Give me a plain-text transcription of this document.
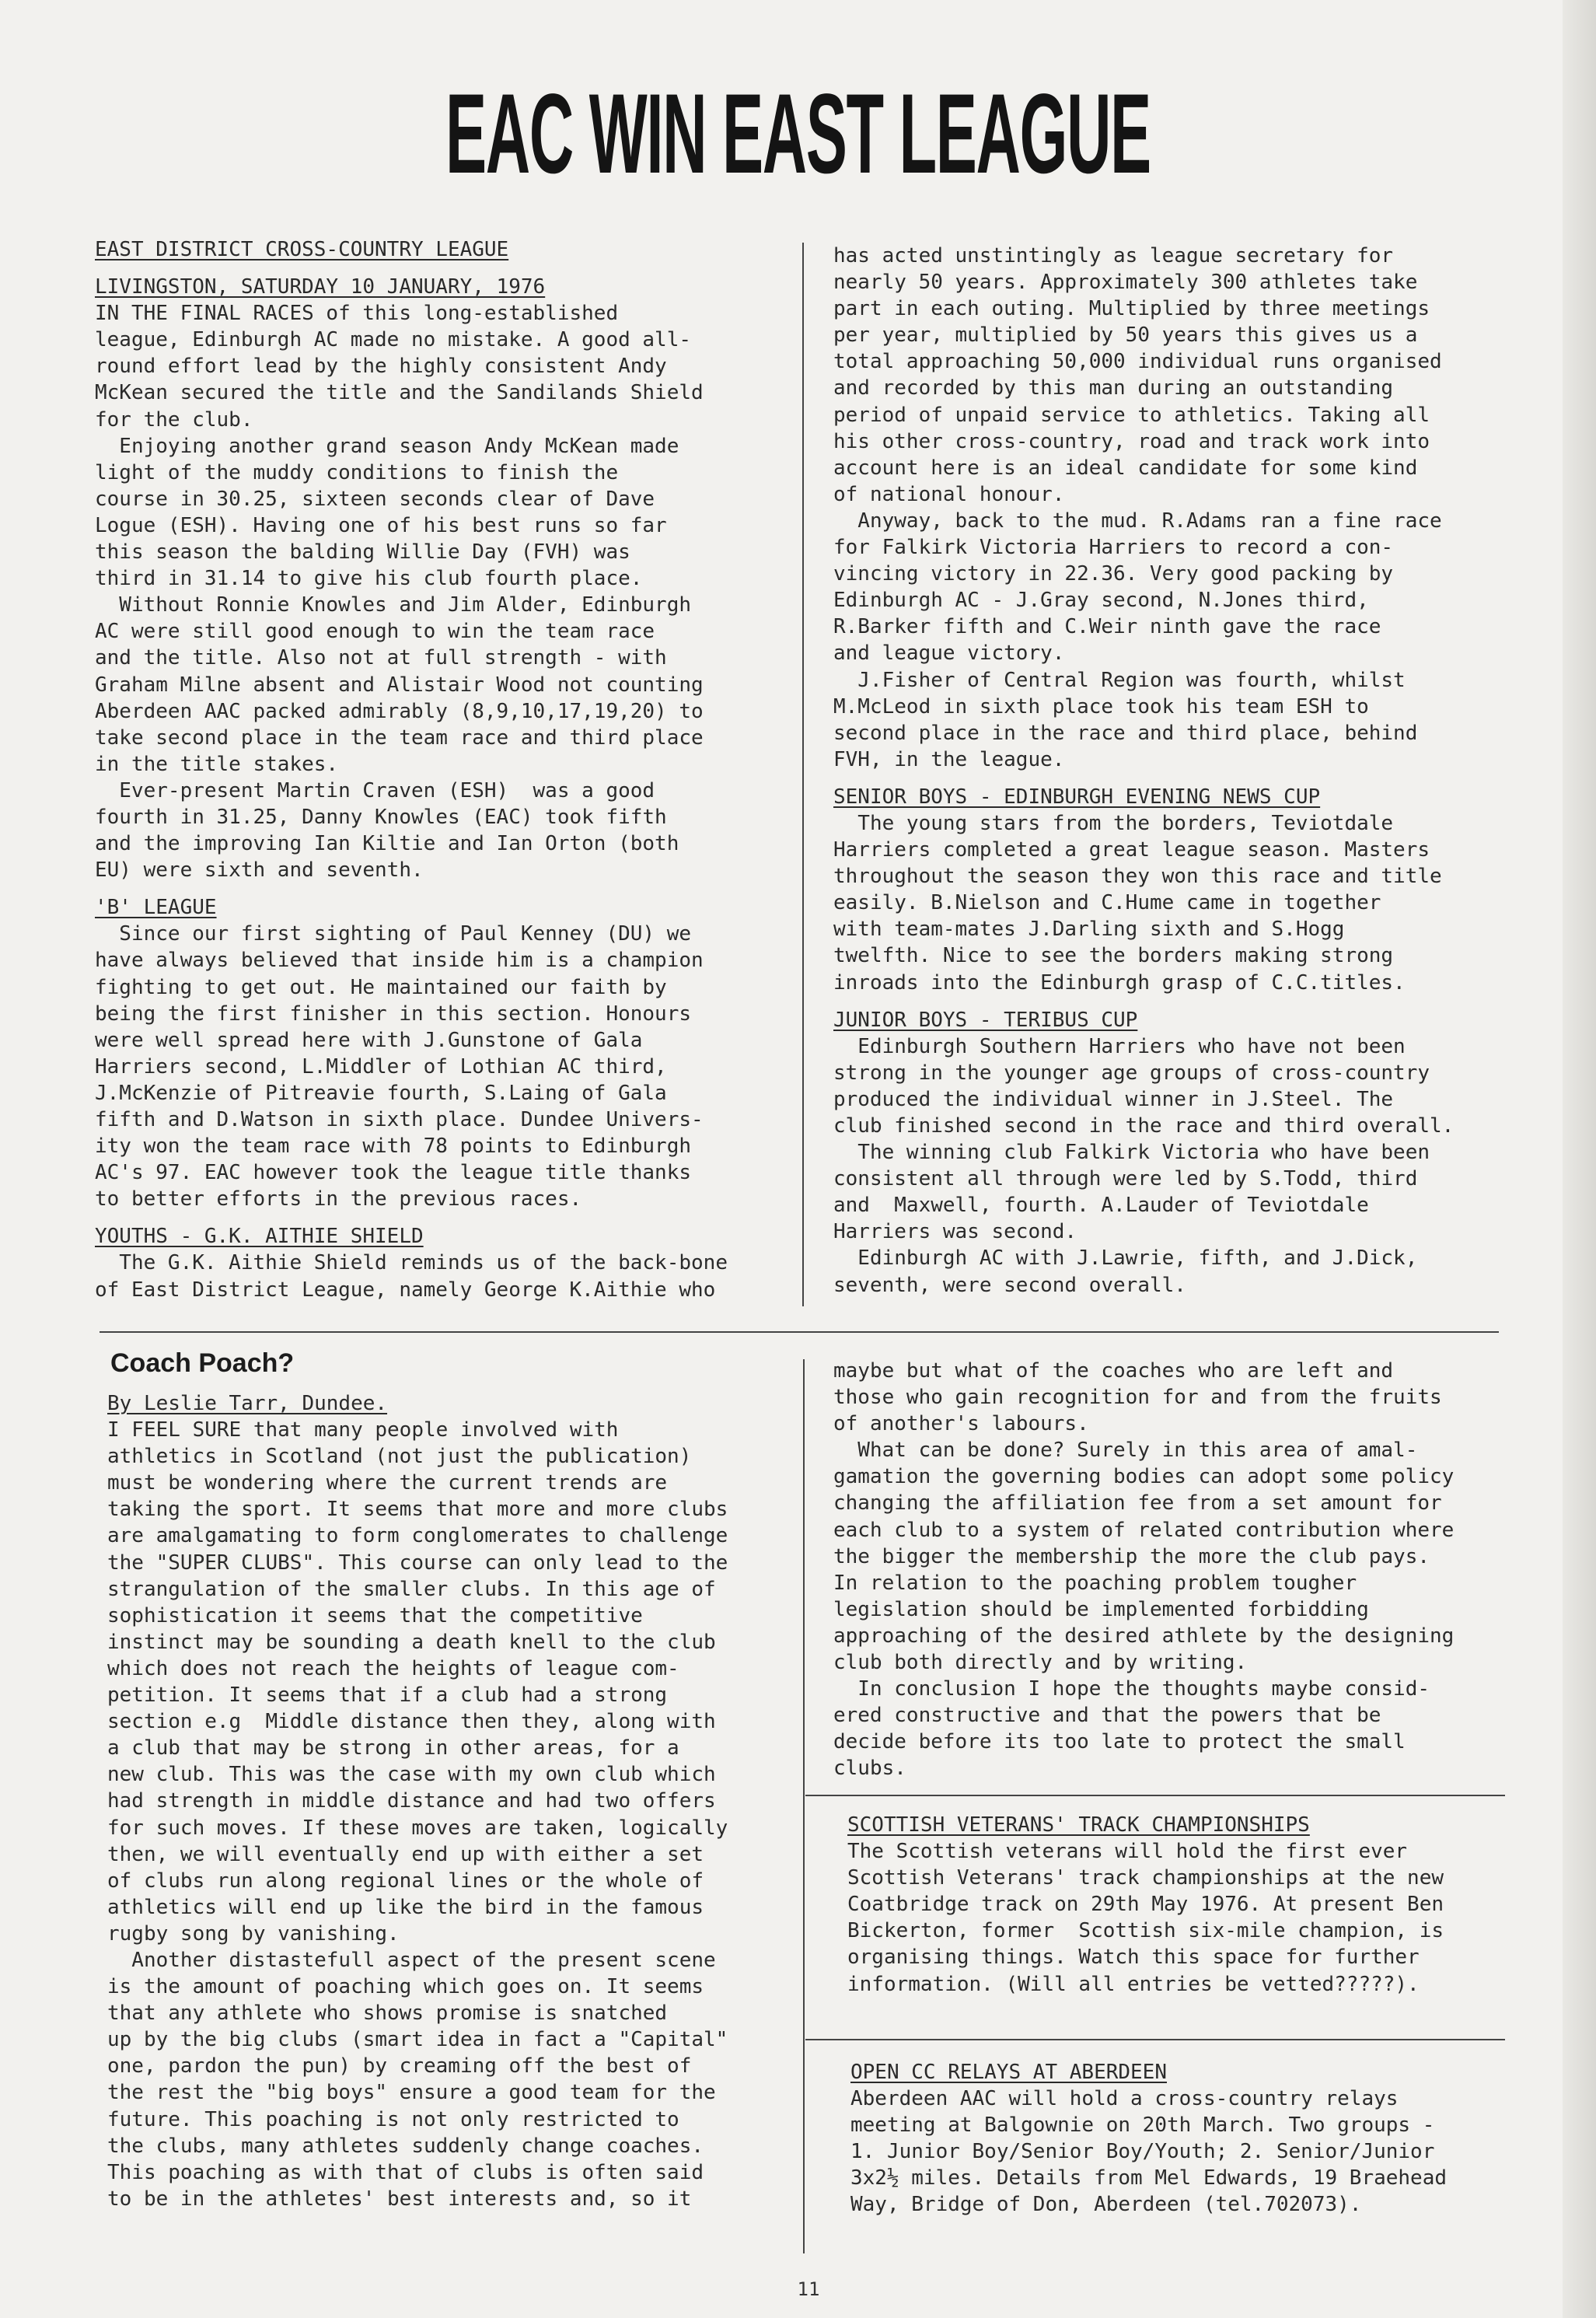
EAC WIN EAST LEAGUE
EAST DISTRICT CROSS-COUNTRY LEAGUE
LIVINGSTON, SATURDAY 10 JANUARY, 1976
IN THE FINAL RACES of this long-established
league, Edinburgh AC made no mistake. A good all-
round effort lead by the highly consistent Andy
McKean secured the title and the Sandilands Shield
for the club.
Enjoying another grand season Andy McKean made
light of the muddy conditions to finish the
course in 30.25, sixteen seconds clear of Dave
Logue (ESH). Having one of his best runs so far
this season the balding Willie Day (FVH) was
third in 31.14 to give his club fourth place.
Without Ronnie Knowles and Jim Alder, Edinburgh
AC were still good enough to win the team race
and the title. Also not at full strength - with
Graham Milne absent and Alistair Wood not counting
Aberdeen AAC packed admirably (8,9,10,17,19,20) to
take second place in the team race and third place
in the title stakes.
Ever-present Martin Craven (ESH)  was a good
fourth in 31.25, Danny Knowles (EAC) took fifth
and the improving Ian Kiltie and Ian Orton (both
EU) were sixth and seventh.
'B' LEAGUE
Since our first sighting of Paul Kenney (DU) we
have always believed that inside him is a champion
fighting to get out. He maintained our faith by
being the first finisher in this section. Honours
were well spread here with J.Gunstone of Gala
Harriers second, L.Middler of Lothian AC third,
J.McKenzie of Pitreavie fourth, S.Laing of Gala
fifth and D.Watson in sixth place. Dundee Univers-
ity won the team race with 78 points to Edinburgh
AC's 97. EAC however took the league title thanks
to better efforts in the previous races.
YOUTHS - G.K. AITHIE SHIELD
The G.K. Aithie Shield reminds us of the back-bone
of East District League, namely George K.Aithie who
has acted unstintingly as league secretary for
nearly 50 years. Approximately 300 athletes take
part in each outing. Multiplied by three meetings
per year, multiplied by 50 years this gives us a
total approaching 50,000 individual runs organised
and recorded by this man during an outstanding
period of unpaid service to athletics. Taking all
his other cross-country, road and track work into
account here is an ideal candidate for some kind
of national honour.
Anyway, back to the mud. R.Adams ran a fine race
for Falkirk Victoria Harriers to record a con-
vincing victory in 22.36. Very good packing by
Edinburgh AC - J.Gray second, N.Jones third,
R.Barker fifth and C.Weir ninth gave the race
and league victory.
J.Fisher of Central Region was fourth, whilst
M.McLeod in sixth place took his team ESH to
second place in the race and third place, behind
FVH, in the league.
SENIOR BOYS - EDINBURGH EVENING NEWS CUP
The young stars from the borders, Teviotdale
Harriers completed a great league season. Masters
throughout the season they won this race and title
easily. B.Nielson and C.Hume came in together
with team-mates J.Darling sixth and S.Hogg
twelfth. Nice to see the borders making strong
inroads into the Edinburgh grasp of C.C.titles.
JUNIOR BOYS - TERIBUS CUP
Edinburgh Southern Harriers who have not been
strong in the younger age groups of cross-country
produced the individual winner in J.Steel. The
club finished second in the race and third overall.
The winning club Falkirk Victoria who have been
consistent all through were led by S.Todd, third
and  Maxwell, fourth. A.Lauder of Teviotdale
Harriers was second.
Edinburgh AC with J.Lawrie, fifth, and J.Dick,
seventh, were second overall.
Coach Poach?
By Leslie Tarr, Dundee.
I FEEL SURE that many people involved with
athletics in Scotland (not just the publication)
must be wondering where the current trends are
taking the sport. It seems that more and more clubs
are amalgamating to form conglomerates to challenge
the "SUPER CLUBS". This course can only lead to the
strangulation of the smaller clubs. In this age of
sophistication it seems that the competitive
instinct may be sounding a death knell to the club
which does not reach the heights of league com-
petition. It seems that if a club had a strong
section e.g  Middle distance then they, along with
a club that may be strong in other areas, for a
new club. This was the case with my own club which
had strength in middle distance and had two offers
for such moves. If these moves are taken, logically
then, we will eventually end up with either a set
of clubs run along regional lines or the whole of
athletics will end up like the bird in the famous
rugby song by vanishing.
Another distastefull aspect of the present scene
is the amount of poaching which goes on. It seems
that any athlete who shows promise is snatched
up by the big clubs (smart idea in fact a "Capital"
one, pardon the pun) by creaming off the best of
the rest the "big boys" ensure a good team for the
future. This poaching is not only restricted to
the clubs, many athletes suddenly change coaches.
This poaching as with that of clubs is often said
to be in the athletes' best interests and, so it
maybe but what of the coaches who are left and
those who gain recognition for and from the fruits
of another's labours.
What can be done? Surely in this area of amal-
gamation the governing bodies can adopt some policy
changing the affiliation fee from a set amount for
each club to a system of related contribution where
the bigger the membership the more the club pays.
In relation to the poaching problem tougher
legislation should be implemented forbidding
approaching of the desired athlete by the designing
club both directly and by writing.
In conclusion I hope the thoughts maybe consid-
ered constructive and that the powers that be
decide before its too late to protect the small
clubs.
SCOTTISH VETERANS' TRACK CHAMPIONSHIPS
The Scottish veterans will hold the first ever
Scottish Veterans' track championships at the new
Coatbridge track on 29th May 1976. At present Ben
Bickerton, former  Scottish six-mile champion, is
organising things. Watch this space for further
information. (Will all entries be vetted?????).
OPEN CC RELAYS AT ABERDEEN
Aberdeen AAC will hold a cross-country relays
meeting at Balgownie on 20th March. Two groups -
1. Junior Boy/Senior Boy/Youth; 2. Senior/Junior
3x2½ miles. Details from Mel Edwards, 19 Braehead
Way, Bridge of Don, Aberdeen (tel.702073).
11
